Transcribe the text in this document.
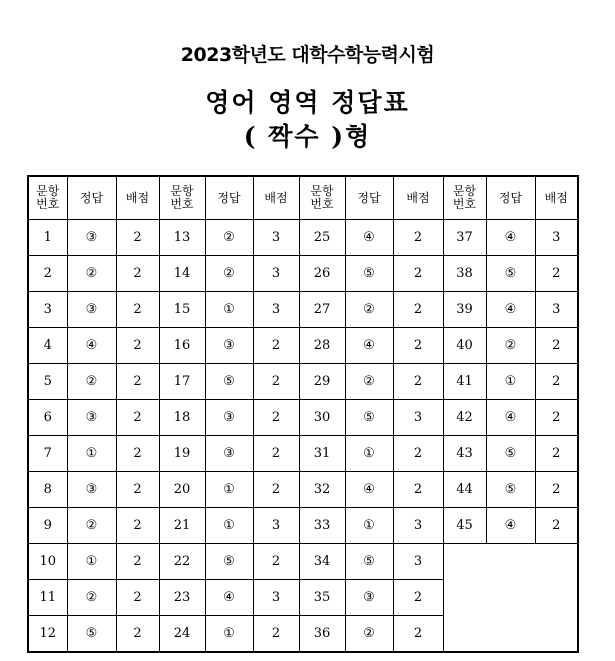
2023학년도 대학수학능력시험
영어 영역 정답표
( 짝수 )형
문항
번호	정답	배점	문항
번호	정답	배점	문항
번호	정답	배점	문항
번호	정답	배점
1	③	2	13	②	3	25	④	2	37	④	3
2	②	2	14	②	3	26	⑤	2	38	⑤	2
3	③	2	15	①	3	27	②	2	39	④	3
4	④	2	16	③	2	28	④	2	40	②	2
5	②	2	17	⑤	2	29	②	2	41	①	2
6	③	2	18	③	2	30	⑤	3	42	④	2
7	①	2	19	③	2	31	①	2	43	⑤	2
8	③	2	20	①	2	32	④	2	44	⑤	2
9	②	2	21	①	3	33	①	3	45	④	2
10	①	2	22	⑤	2	34	⑤	3			
11	②	2	23	④	3	35	③	2			
12	⑤	2	24	①	2	36	②	2			
